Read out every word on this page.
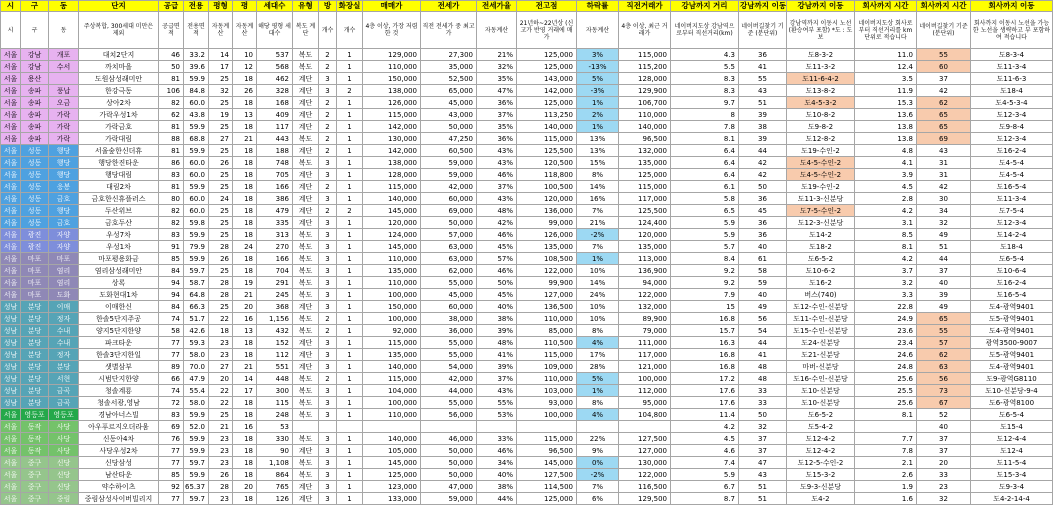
시	구	동	단지	공급	전용	평형	평	세대수	유형	방	화장실	매매가	전세가	전세가율	전고점	하락률	직전거래가	강남까지 거리	강남까지 이동	강남까지 이동	회사까지 시간	회사까지 시간	회사까지 이동
시	구	동	주상복합, 300세대 미만은 제외	공급면적	전용면적	자동계산	자동계산	해당 평형 세대수	복도 계단	개수	개수	4층 이상, 가장 저렴한 것	직전 전세가 중 최고가	자동계산	21년하~22년상 (신고가 반영 거래에 매가	자동계산	4층 이상, 최근 거래가	네이버지도상 강남역으로부터 직선거리(km)	네이버길찾기 기준 (분단위)	강남역까지 이동시 노선(환승여부 포함) *도 : 도보	네이버지도상 회사로부터 직선거리를 km단위로 적습니다	네이버길찾기 기준(분단위)	회사까지 이동시 노선을 가능한 노선을 생략하고 부 포함하여 적습니다
서울	강남	개포	대치2단지	46	33.2	14	10	537	복도	2	1	129,000	27,300	21%	125,000	3%	115,000	4.3	36	도8-3-2	11.0	55	도8-3-4
서울	강남	수서	까치마을	50	39.6	17	12	568	복도	2	1	110,000	35,000	32%	125,000	-13%	115,200	5.5	41	도11-3-2	12.4	60	도11-3-4
서울	용산		도원삼성래미안	81	59.9	25	18	462	계단	3	1	150,000	52,500	35%	143,000	5%	128,000	8.3	55	도11-6-4-2	3.5	37	도11-6-3
서울	송파	풍납	한강극동	106	84.8	32	26	328	계단	3	2	138,000	65,000	47%	142,000	-3%	129,900	8.3	43	도13-8-2	11.9	42	도18-4
서울	송파	오금	상아2차	82	60.0	25	18	168	계단	2	1	126,000	45,000	36%	125,000	1%	106,700	9.7	51	도4-5-3-2	15.3	62	도4-5-3-4
서울	송파	가락	가락우성1차	62	43.8	19	13	409	계단	2	1	115,000	43,000	37%	113,250	2%	110,000	8	39	도10-8-2	13.6	65	도12-3-4
서울	송파	가락	가락금호	81	59.9	25	18	117	계단	2	1	142,000	50,000	35%	140,000	1%	140,000	7.8	38	도9-8-2	13.8	65	도9-8-4
서울	송파	가락	가락대림	88	68.8	27	21	443	복도	2	1	130,000	47,250	36%	115,000	13%	96,500	8.1	39	도12-8-2	13.8	69	도12-3-4
서울	성동	행당	서울숲한신더휴	81	59.9	25	18	188	계단	2	1	142,000	60,500	43%	125,500	13%	132,000	6.4	44	도19-수인-2	4.8	43	도16-2-4
서울	성동	행당	행당한진타운	86	60.0	26	18	748	복도	3	1	138,000	59,000	43%	120,500	15%	135,000	6.4	42	도4-5-수인-2	4.1	31	도4-5-4
서울	성동	행당	행당대림	83	60.0	25	18	705	계단	3	1	128,000	59,000	46%	118,800	8%	125,000	6.4	42	도4-5-수인-2	3.9	31	도4-5-4
서울	성동	응봉	대림2차	81	59.9	25	18	166	계단	2	1	115,000	42,000	37%	100,500	14%	115,000	6.1	50	도19-수인-2	4.5	42	도16-5-4
서울	성동	금호	금호한신휴플러스	80	60.0	24	18	386	계단	3	1	140,000	60,000	43%	120,000	16%	117,000	5.8	36	도11-3-신분당	2.8	30	도11-3-4
서울	성동	행당	두산위브	82	60.0	25	18	479	계단	2	2	145,000	69,000	48%	136,000	7%	125,500	6.5	45	도7-5-수인-2	4.2	34	도7-5-4
서울	성동	금호	금호두산	82	59.8	25	18	335	계단	3	1	120,000	50,000	42%	99,000	21%	124,400	5.9	36	도12-3-신분당	3.1	32	도12-3-4
서울	광진	자양	우성7차	83	59.9	25	18	313	복도	3	1	124,000	57,000	46%	126,000	-2%	120,000	5.9	36	도14-2	8.5	49	도14-2-4
서울	광진	자양	우성1차	91	79.9	28	24	270	복도	3	1	145,000	63,000	45%	135,000	7%	135,000	5.7	40	도18-2	8.1	51	도18-4
서울	마포	마포	마포평용화금	85	59.9	26	18	166	복도	3	1	110,000	63,000	57%	108,500	1%	113,000	8.4	61	도6-5-2	4.2	44	도6-5-4
서울	마포	염리	염리삼성래미안	84	59.7	25	18	704	복도	3	1	135,000	62,000	46%	122,000	10%	136,900	9.2	58	도10-6-2	3.7	37	도10-6-4
서울	마포	염리	상록	94	58.7	28	19	291	복도	3	1	110,000	55,000	50%	99,900	14%	94,000	9.2	59	도16-2	3.2	40	도16-2-4
서울	마포	도화	도화현대1차	94	64.8	28	21	245	복도	3	1	100,000	45,000	45%	127,000	24%	122,000	7.9	40	버스(740)	3.3	39	도16-5-4
성남	분당	이매	이매한신	84	66.3	25	20	368	계단	3	1	150,000	60,000	40%	136,500	10%	132,000	15	49	도12-수인-신분당	22.8	49	도4-광역9401
성남	분당	정자	한솔5단지주공	74	51.7	22	16	1,156	복도	2	1	100,000	38,000	38%	110,000	10%	89,900	16.8	56	도11-수인-신분당	24.9	65	도5-광역9401
성남	분당	수내	양지5단지한양	58	42.6	18	13	432	복도	2	1	92,000	36,000	39%	85,000	8%	79,000	15.7	54	도15-수인-신분당	23.6	55	도4-광역9401
성남	분당	수내	파크타운	77	59.3	23	18	152	계단	3	1	115,000	55,000	48%	110,500	4%	111,000	16.3	44	도24-신분당	23.4	57	광역3500-9007
성남	분당	정자	한솔3단지한일	77	58.0	23	18	112	계단	3	1	135,000	55,000	41%	115,000	17%	117,000	16.8	41	도21-신분당	24.6	62	도5-광역9401
성남	분당	분당	샛별삼부	89	70.0	27	21	551	계단	3	1	140,000	54,000	39%	109,000	28%	121,000	16.8	48	마버-신분당	24.8	63	도4-광역9401
성남	분당	서현	시범단지한양	66	47.9	20	14	448	복도	2	1	115,000	42,000	37%	110,000	5%	100,000	17.2	48	도16-수인-신분당	25.6	56	도9-광역G8110
성남	분당	금곡	청솔계룡	74	55.4	22	17	300	복도	3	1	104,000	44,000	43%	103,000	1%	112,000	17.6	33	도10-신분당	25.5	73	도10-신분당-9-4
성남	분당	금곡	청솔서광,영남	72	58.0	22	18	115	복도	3	1	100,000	55,000	55%	93,000	8%	95,000	17.6	33	도10-신분당	25.6	67	도6-광역8100
서울	영등포	영등포	경남아너스빌	83	59.9	25	18	248	복도	3	1	110,000	56,000	53%	100,000	4%	104,800	11.4	50	도6-5-2	8.1	52	도6-5-4
서울	동작	사당	아우푸르지오더라움	69	52.0	21	16	53										4.2	32	도5-4-2		40	도15-4
서울	동작	사당	신동아4차	76	59.9	23	18	330	복도	3	1	140,000	46,000	33%	115,000	22%	127,500	4.5	37	도12-4-2	7.7	37	도12-4-4
서울	동작	사당	사당우성2차	77	59.9	23	18	90	계단	3	1	105,000	50,000	46%	96,500	9%	127,000	4.6	37	도12-4-2	7.8	37	도12-4
서울	중구	신당	신당삼성	77	59.7	23	18	1,108	복도	3	1	145,000	50,000	34%	145,000	0%	130,000	7.4	47	도12-5-수인-2	2.1	20	도11-5-4
서울	중구	신당	남산타운	85	59.9	26	18	864	복도	3	1	125,000	50,000	40%	127,500	-2%	122,000	5.9	43	도15-3-2	2.6	33	도15-3-4
서울	중구	신당	약수하이츠	92	65.37	28	20	765	계단	3	1	123,000	47,000	38%	114,500	7%	116,500	6.7	51	도9-3-신분당	1.9	23	도9-3-4
서울	중구	중림	중림삼성사이버빌리지	77	59.7	23	18	126	계단	3	1	133,000	59,000	44%	125,000	6%	129,500	8.7	51	도4-2	1.6	32	도4-2-14-4
